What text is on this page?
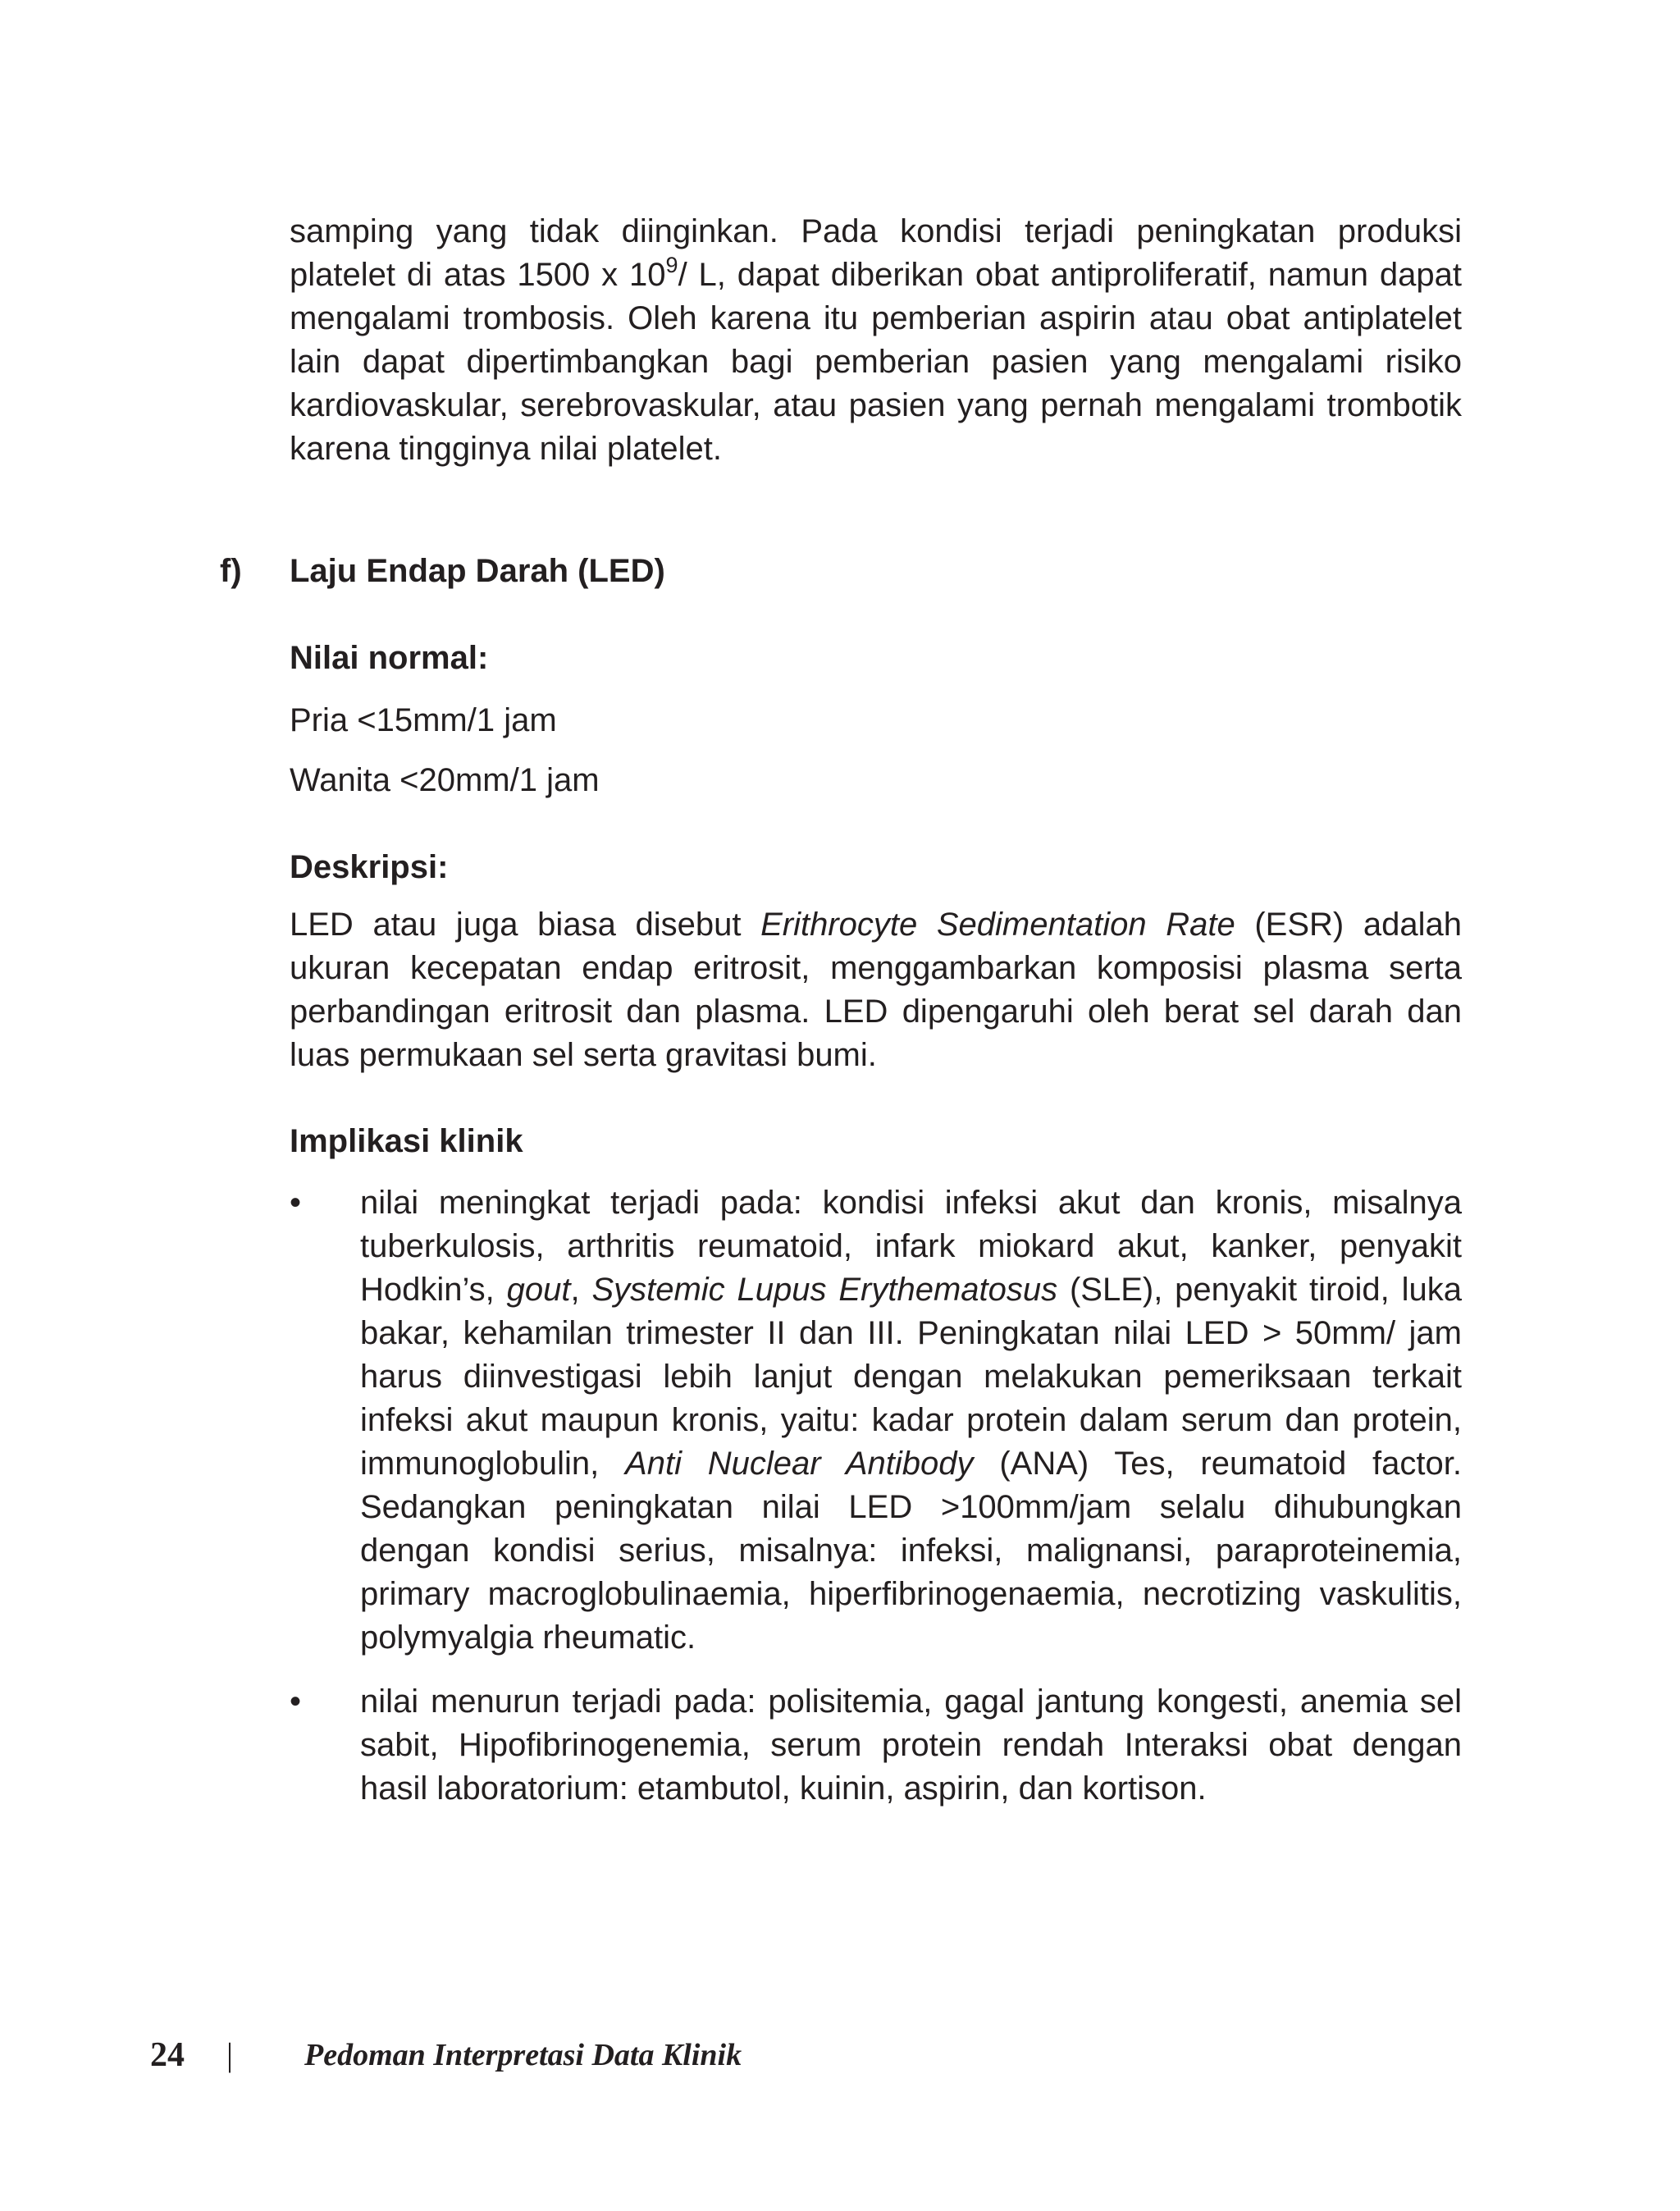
samping yang tidak diinginkan. Pada kondisi terjadi peningkatan produksi platelet di atas 1500 x $10^9/$ L, dapat diberikan obat antiproliferatif, namun dapat mengalami trombosis. Oleh karena itu pemberian aspirin atau obat antiplatelet lain dapat dipertimbangkan bagi pemberian pasien yang mengalami risiko kardiovaskular, serebrovaskular, atau pasien yang pernah mengalami trombotik karena tingginya nilai platelet.

f) Laju Endap Darah (LED)

Nilai normal:

Pria <15mm/1 jam

Wanita <20mm/1 jam

Deskripsi:

LED atau juga biasa disebut Erithrocyte Sedimentation Rate (ESR) adalah ukuran kecepatan endap eritrosit, menggambarkan komposisi plasma serta perbandingan eritrosit dan plasma. LED dipengaruhi oleh berat sel darah dan luas permukaan sel serta gravitasi bumi.

Implikasi klinik

• nilai meningkat terjadi pada: kondisi infeksi akut dan kronis, misalnya tuberkulosis, arthritis reumatoid, infark miokard akut, kanker, penyakit Hodkin’s, gout, Systemic Lupus Erythematosus (SLE), penyakit tiroid, luka bakar, kehamilan trimester II dan III. Peningkatan nilai LED > 50mm/ jam harus diinvestigasi lebih lanjut dengan melakukan pemeriksaan terkait infeksi akut maupun kronis, yaitu: kadar protein dalam serum dan protein, immunoglobulin, Anti Nuclear Antibody (ANA) Tes, reumatoid factor. Sedangkan peningkatan nilai LED >100mm/jam selalu dihubungkan dengan kondisi serius, misalnya: infeksi, malignansi, paraproteinemia, primary macroglobulinaemia, hiperfibrinogenaemia, necrotizing vaskulitis, polymyalgia rheumatic.
• nilai menurun terjadi pada: polisitemia, gagal jantung kongesti, anemia sel sabit, Hipofibrinogenemia, serum protein rendah Interaksi obat dengan hasil laboratorium: etambutol, kuinin, aspirin, dan kortison.
24 | Pedoman Interpretasi Data Klinik
